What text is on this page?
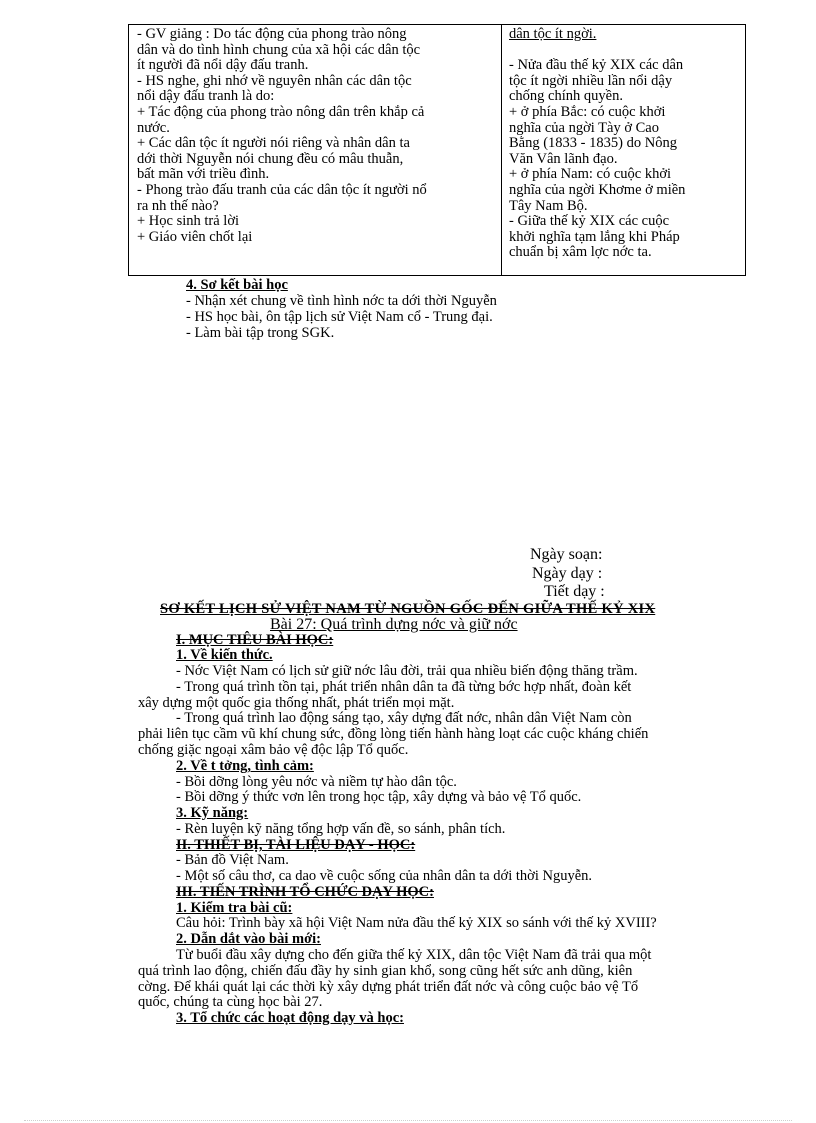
- GV giảng : Do tác động của phong trào nông
dân và do tình hình chung của xã hội các dân tộc
ít người đã nổi dậy đấu tranh.
- HS nghe, ghi nhớ về nguyên nhân các dân tộc
nổi dậy đấu tranh là do:
+ Tác động của phong trào nông dân trên khắp cả
nước.
+ Các dân tộc ít người nói riêng và nhân dân ta
dới thời Nguyễn nói chung đều có mâu thuẫn,
bất mãn với triều đình.
- Phong trào đấu tranh của các dân tộc ít người nổ
ra nh thế nào?
+ Học sinh trả lời
+ Giáo viên chốt lại
dân tộc ít ngời.
- Nửa đầu thế kỷ XIX các dân
tộc ít ngời nhiều lần nổi dậy
chống chính quyền.
+ ở phía Bắc: có cuộc khởi
nghĩa của ngời Tày ở Cao
Bằng (1833 - 1835) do Nông
Văn Vân lãnh đạo.
+ ở phía Nam: có cuộc khởi
nghĩa của ngời Khơme ở miền
Tây Nam Bộ.
- Giữa thế kỷ XIX các cuộc
khởi nghĩa tạm lắng khi Pháp
chuẩn bị xâm lợc nớc ta.
4. Sơ kết bài học
- Nhận xét chung về tình hình nớc ta dới thời Nguyễn
- HS học bài, ôn tập lịch sử Việt Nam cổ - Trung đại.
- Làm bài tập trong SGK.
Ngày soạn:
Ngày dạy :
Tiết dạy :
SƠ KẾT LỊCH SỬ VIỆT NAM TỪ NGUỒN GỐC ĐẾN GIỮA THẾ KỶ XIX
Bài 27: Quá trình dựng nớc và giữ nớc
I. MỤC TIÊU BÀI HỌC:
1. Về kiến thức.
- Nớc Việt Nam có lịch sử giữ nớc lâu đời, trải qua nhiều biến động thăng trầm.
- Trong quá trình tồn tại, phát triển nhân dân ta đã từng bớc hợp nhất, đoàn kết
xây dựng một quốc gia thống nhất, phát triển mọi mặt.
- Trong quá trình lao động sáng tạo, xây dựng đất nớc, nhân dân Việt Nam còn
phải liên tục cầm vũ khí chung sức, đồng lòng tiến hành hàng loạt các cuộc kháng chiến
chống giặc ngoại xâm bảo vệ độc lập Tổ quốc.
2. Về t tởng, tình cảm:
- Bồi dỡng lòng yêu nớc và niềm tự hào dân tộc.
- Bồi dỡng ý thức vơn lên trong học tập, xây dựng và bảo vệ Tổ quốc.
3. Kỹ năng:
- Rèn luyện kỹ năng tổng hợp vấn đề, so sánh, phân tích.
II. THIẾT BỊ, TÀI LIỆU DẠY - HỌC:
- Bản đồ Việt Nam.
- Một số câu thơ, ca dao về cuộc sống của nhân dân ta dới thời Nguyễn.
III. TIẾN TRÌNH TỔ CHỨC DẠY HỌC:
1. Kiểm tra bài cũ:
Câu hỏi: Trình bày xã hội Việt Nam nửa đầu thế kỷ XIX so sánh với thế kỷ XVIII?
2. Dẫn dắt vào bài mới:
Từ buổi đầu xây dựng cho đến giữa thế kỷ XIX, dân tộc Việt Nam đã trải qua một
quá trình lao động, chiến đấu đầy hy sinh gian khổ, song cũng hết sức anh dũng, kiên
cờng. Để khái quát lại các thời kỳ xây dựng phát triển đất nớc và công cuộc bảo vệ Tổ
quốc, chúng ta cùng học bài 27.
3. Tổ chức các hoạt động dạy và học:
